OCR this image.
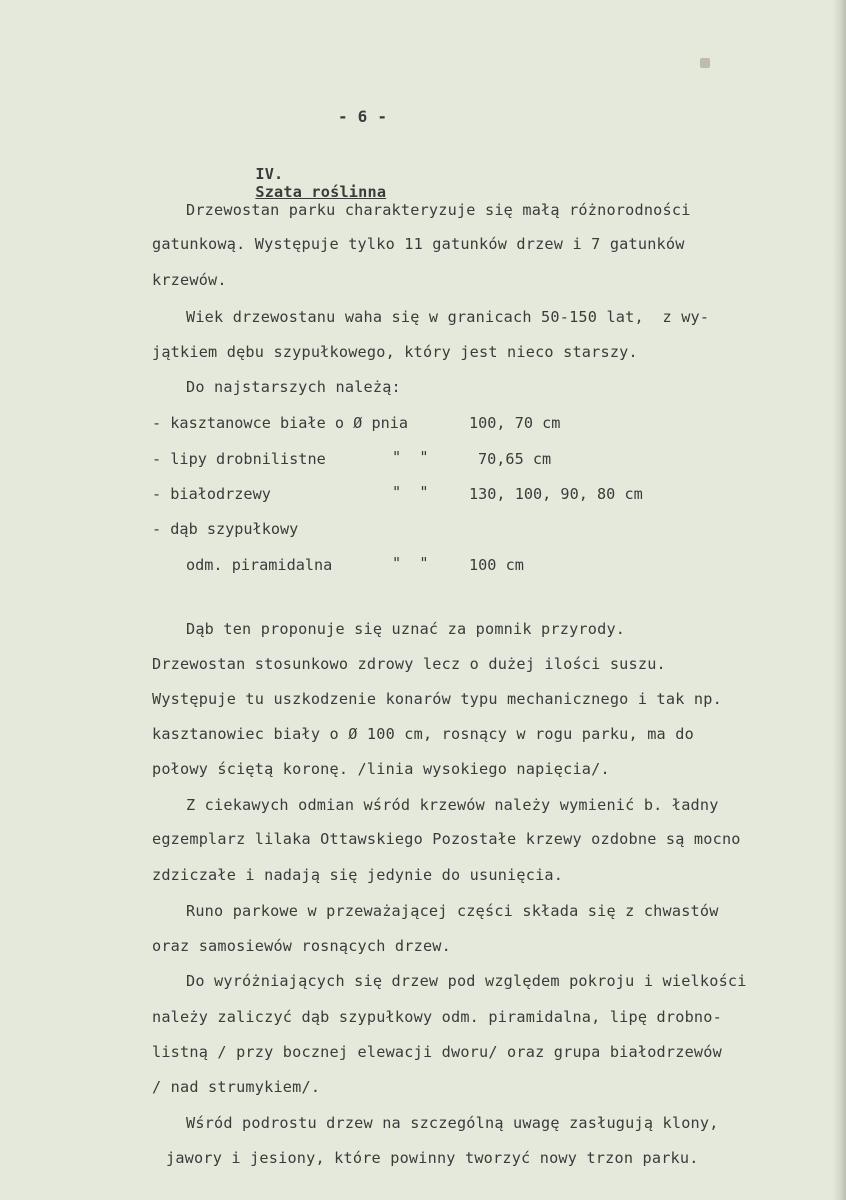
- 6 -

IV.
Szata roślinna

Drzewostan parku charakteryzuje się małą różnorodności
gatunkową. Występuje tylko 11 gatunków drzew i 7 gatunków
krzewów.
Wiek drzewostanu waha się w granicach 50-150 lat,  z wy-
jątkiem dębu szypułkowego, który jest nieco starszy.
Do najstarszych należą:
- kasztanowce białe o Ø pnia	100, 70 cm
- lipy drobnilistne	"  "	70,65 cm
- białodrzewy	"  "	130, 100, 90, 80 cm
- dąb szypułkowy
odm. piramidalna	"  "	100 cm
Dąb ten proponuje się uznać za pomnik przyrody.
Drzewostan stosunkowo zdrowy lecz o dużej ilości suszu.
Występuje tu uszkodzenie konarów typu mechanicznego i tak np.
kasztanowiec biały o Ø 100 cm, rosnący w rogu parku, ma do
połowy ściętą koronę. /linia wysokiego napięcia/.
Z ciekawych odmian wśród krzewów należy wymienić b. ładny
egzemplarz lilaka Ottawskiego Pozostałe krzewy ozdobne są mocno
zdziczałe i nadają się jedynie do usunięcia.
Runo parkowe w przeważającej części składa się z chwastów
oraz samosiewów rosnących drzew.
Do wyróżniających się drzew pod względem pokroju i wielkości
należy zaliczyć dąb szypułkowy odm. piramidalna, lipę drobno-
listną / przy bocznej elewacji dworu/ oraz grupa białodrzewów
/ nad strumykiem/.
Wśród podrostu drzew na szczególną uwagę zasługują klony,
jawory i jesiony, które powinny tworzyć nowy trzon parku.
